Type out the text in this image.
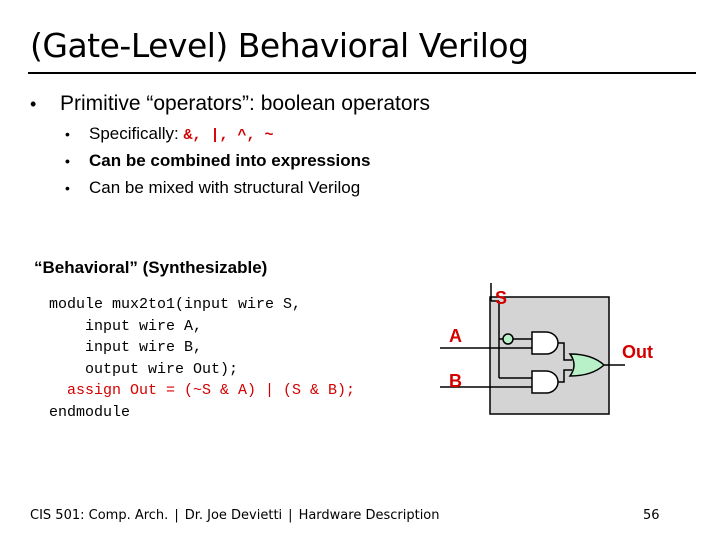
(Gate-Level) Behavioral Verilog
•	Primitive “operators”: boolean operators
•	Specifically: &, |, ^, ~
•	Can be combined into expressions
•	Can be mixed with structural Verilog
“Behavioral” (Synthesizable)
module mux2to1(input wire S,
input wire A,
input wire B,
output wire Out);
assign Out = (~S & A) | (S & B);
endmodule
S
A
B
Out
CIS 501: Comp. Arch. | Dr. Joe Devietti | Hardware Description	56
